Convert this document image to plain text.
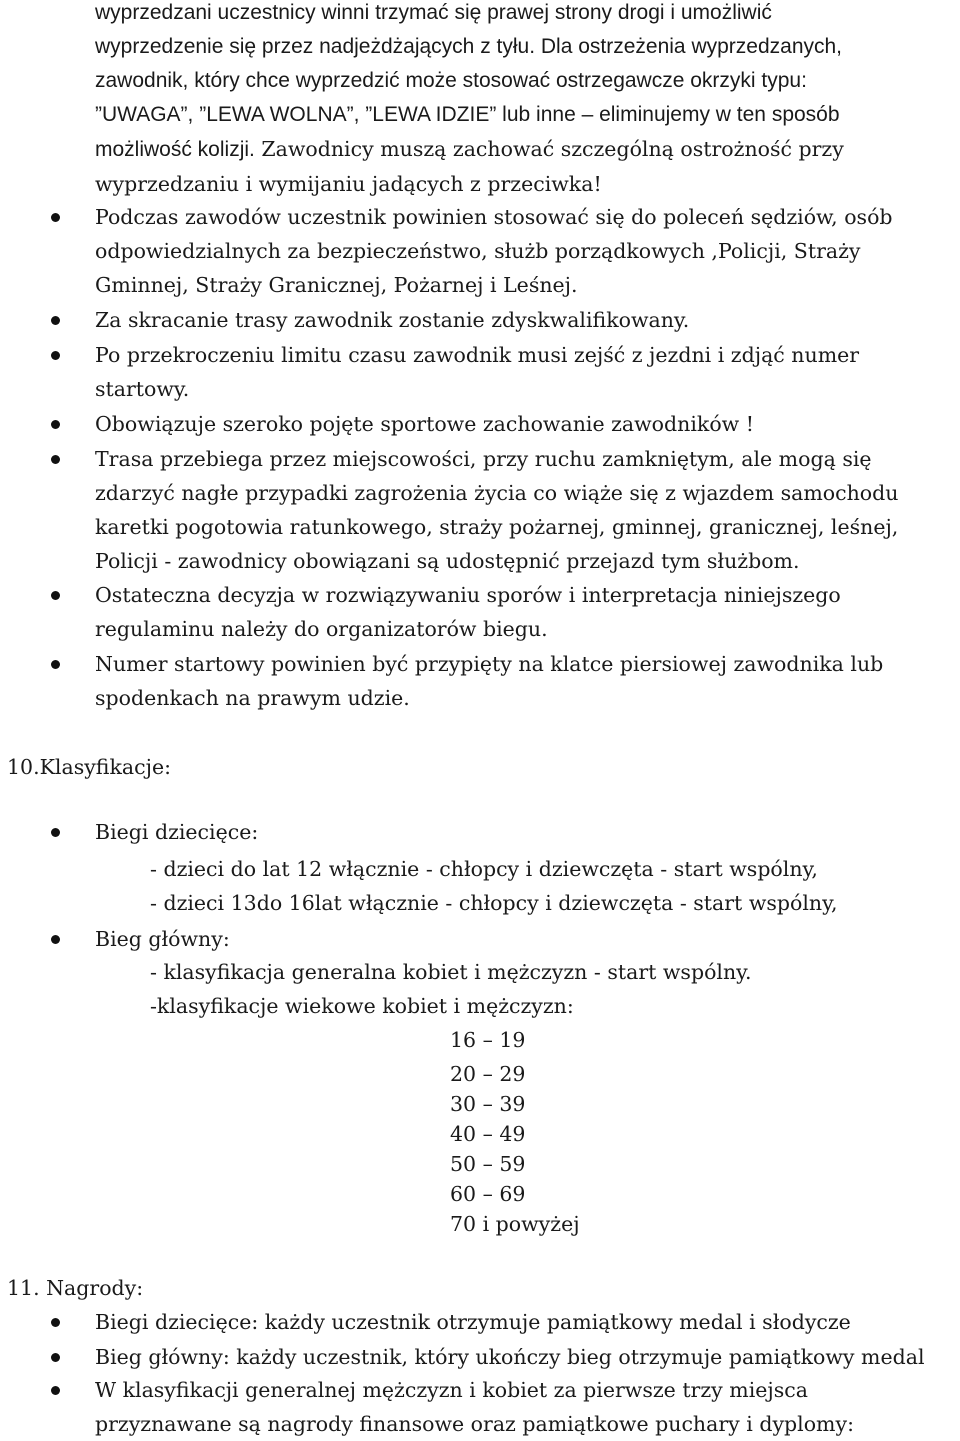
wyprzedzani uczestnicy winni trzymać się prawej strony drogi i umożliwić
wyprzedzenie się przez nadjeżdżających z tyłu. Dla ostrzeżenia wyprzedzanych,
zawodnik, który chce wyprzedzić może stosować ostrzegawcze okrzyki typu:
”UWAGA”, ”LEWA WOLNA”, ”LEWA IDZIE” lub inne – eliminujemy w ten sposób
możliwość kolizji. Zawodnicy muszą zachować szczególną ostrożność przy
wyprzedzaniu i wymijaniu jadących z przeciwka!
Podczas zawodów uczestnik powinien stosować się do poleceń sędziów, osób
odpowiedzialnych za bezpieczeństwo, służb porządkowych ,Policji, Straży
Gminnej, Straży Granicznej, Pożarnej i Leśnej.
Za skracanie trasy zawodnik zostanie zdyskwalifikowany.
Po przekroczeniu limitu czasu zawodnik musi zejść z jezdni i zdjąć numer
startowy.
Obowiązuje szeroko pojęte sportowe zachowanie zawodników !
Trasa przebiega przez miejscowości, przy ruchu zamkniętym, ale mogą się
zdarzyć nagłe przypadki zagrożenia życia co wiąże się z wjazdem samochodu
karetki pogotowia ratunkowego, straży pożarnej, gminnej, granicznej, leśnej,
Policji - zawodnicy obowiązani są udostępnić przejazd tym służbom.
Ostateczna decyzja w rozwiązywaniu sporów i interpretacja niniejszego
regulaminu należy do organizatorów biegu.
Numer startowy powinien być przypięty na klatce piersiowej zawodnika lub
spodenkach na prawym udzie.
10.Klasyfikacje:
Biegi dziecięce:
- dzieci do lat 12 włącznie - chłopcy i dziewczęta - start wspólny,
- dzieci 13do 16lat włącznie - chłopcy i dziewczęta - start wspólny,
Bieg główny:
- klasyfikacja generalna kobiet i mężczyzn - start wspólny.
-klasyfikacje wiekowe kobiet i mężczyzn:
16 – 19
20 – 29
30 – 39
40 – 49
50 – 59
60 – 69
70 i powyżej
11. Nagrody:
Biegi dziecięce: każdy uczestnik otrzymuje pamiątkowy medal i słodycze
Bieg główny: każdy uczestnik, który ukończy bieg otrzymuje pamiątkowy medal
W klasyfikacji generalnej mężczyzn i kobiet za pierwsze trzy miejsca
przyznawane są nagrody finansowe oraz pamiątkowe puchary i dyplomy:
